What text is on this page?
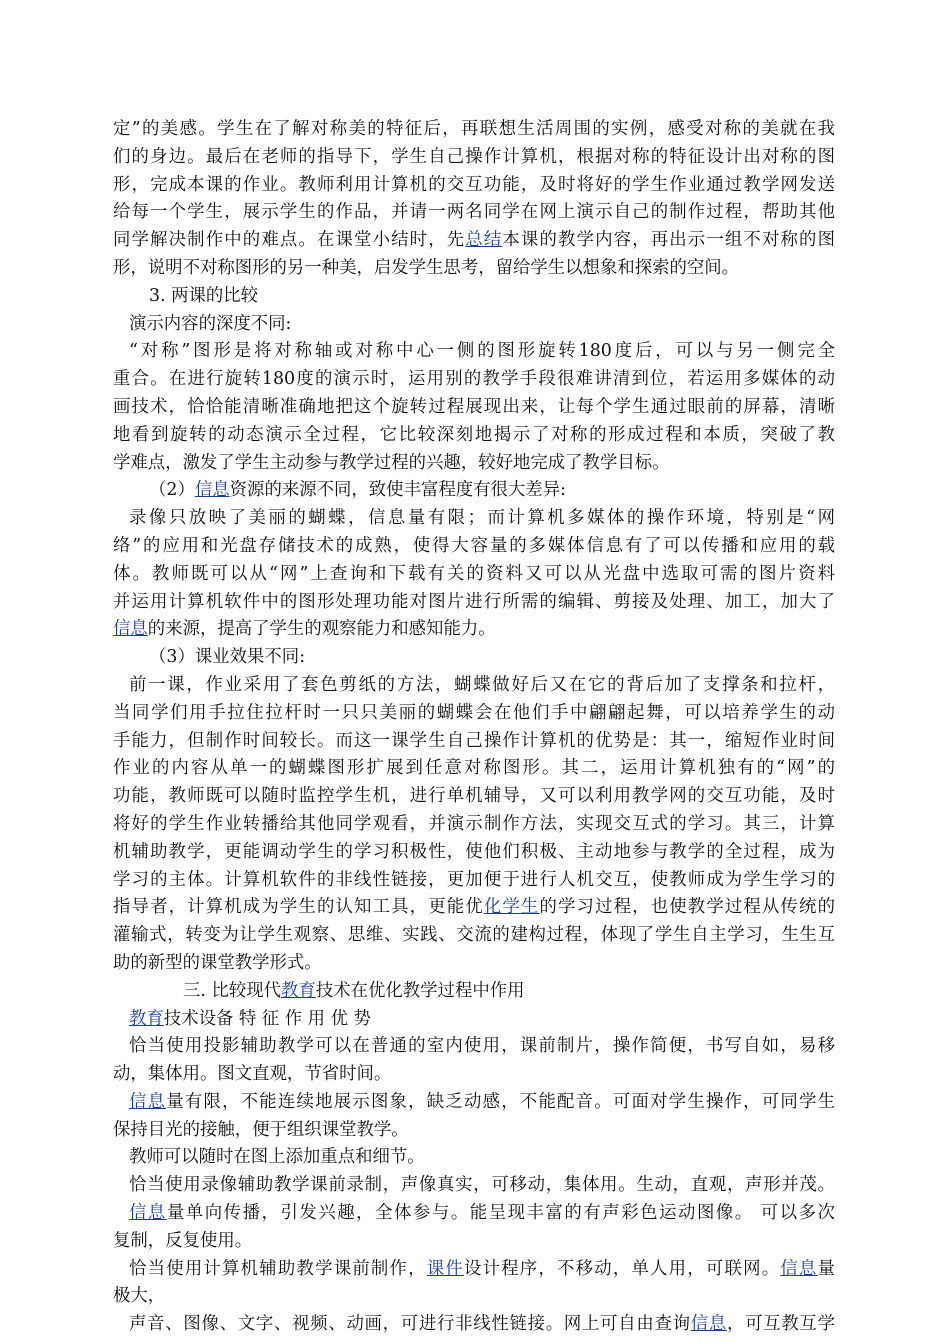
定”的美感。学生在了解对称美的特征后，再联想生活周围的实例，感受对称的美就在我
们的身边。最后在老师的指导下，学生自己操作计算机，根据对称的特征设计出对称的图
形，完成本课的作业。教师利用计算机的交互功能，及时将好的学生作业通过教学网发送
给每一个学生，展示学生的作品，并请一两名同学在网上演示自己的制作过程，帮助其他
同学解决制作中的难点。在课堂小结时，先总结本课的教学内容，再出示一组不对称的图
形，说明不对称图形的另一种美，启发学生思考，留给学生以想象和探索的空间。
3. 两课的比较
演示内容的深度不同:
“对称”图形是将对称轴或对称中心一侧的图形旋转180度后，可以与另一侧完全
重合。在进行旋转180度的演示时，运用别的教学手段很难讲清到位，若运用多媒体的动
画技术，恰恰能清晰准确地把这个旋转过程展现出来，让每个学生通过眼前的屏幕，清晰
地看到旋转的动态演示全过程，它比较深刻地揭示了对称的形成过程和本质，突破了教
学难点，激发了学生主动参与教学过程的兴趣，较好地完成了教学目标。
（2）信息资源的来源不同，致使丰富程度有很大差异:
录像只放映了美丽的蝴蝶，信息量有限；而计算机多媒体的操作环境，特别是“网
络”的应用和光盘存储技术的成熟，使得大容量的多媒体信息有了可以传播和应用的载
体。教师既可以从“网”上查询和下载有关的资料又可以从光盘中选取可需的图片资料
并运用计算机软件中的图形处理功能对图片进行所需的编辑、剪接及处理、加工，加大了
信息的来源，提高了学生的观察能力和感知能力。
（3）课业效果不同:
前一课，作业采用了套色剪纸的方法，蝴蝶做好后又在它的背后加了支撑条和拉杆，
当同学们用手拉住拉杆时一只只美丽的蝴蝶会在他们手中翩翩起舞，可以培养学生的动
手能力，但制作时间较长。而这一课学生自己操作计算机的优势是：其一，缩短作业时间
作业的内容从单一的蝴蝶图形扩展到任意对称图形。其二，运用计算机独有的“网”的
功能，教师既可以随时监控学生机，进行单机辅导，又可以利用教学网的交互功能，及时
将好的学生作业转播给其他同学观看，并演示制作方法，实现交互式的学习。其三，计算
机辅助教学，更能调动学生的学习积极性，使他们积极、主动地参与教学的全过程，成为
学习的主体。计算机软件的非线性链接，更加便于进行人机交互，使教师成为学生学习的
指导者，计算机成为学生的认知工具，更能优化学生的学习过程，也使教学过程从传统的
灌输式，转变为让学生观察、思维、实践、交流的建构过程，体现了学生自主学习，生生互
助的新型的课堂教学形式。
三. 比较现代教育技术在优化教学过程中作用
教育技术设备 特 征 作 用 优 势
恰当使用投影辅助教学可以在普通的室内使用，课前制片，操作简便，书写自如，易移
动，集体用。图文直观，节省时间。
信息量有限，不能连续地展示图象，缺乏动感，不能配音。可面对学生操作，可同学生
保持目光的接触，便于组织课堂教学。
教师可以随时在图上添加重点和细节。
恰当使用录像辅助教学课前录制，声像真实，可移动，集体用。生动，直观，声形并茂。
信息量单向传播，引发兴趣，全体参与。能呈现丰富的有声彩色运动图像。 可以多次
复制，反复使用。
恰当使用计算机辅助教学课前制作，课件设计程序，不移动，单人用，可联网。信息量
极大，
声音、图像、文字、视频、动画，可进行非线性链接。网上可自由查询信息，可互教互学
